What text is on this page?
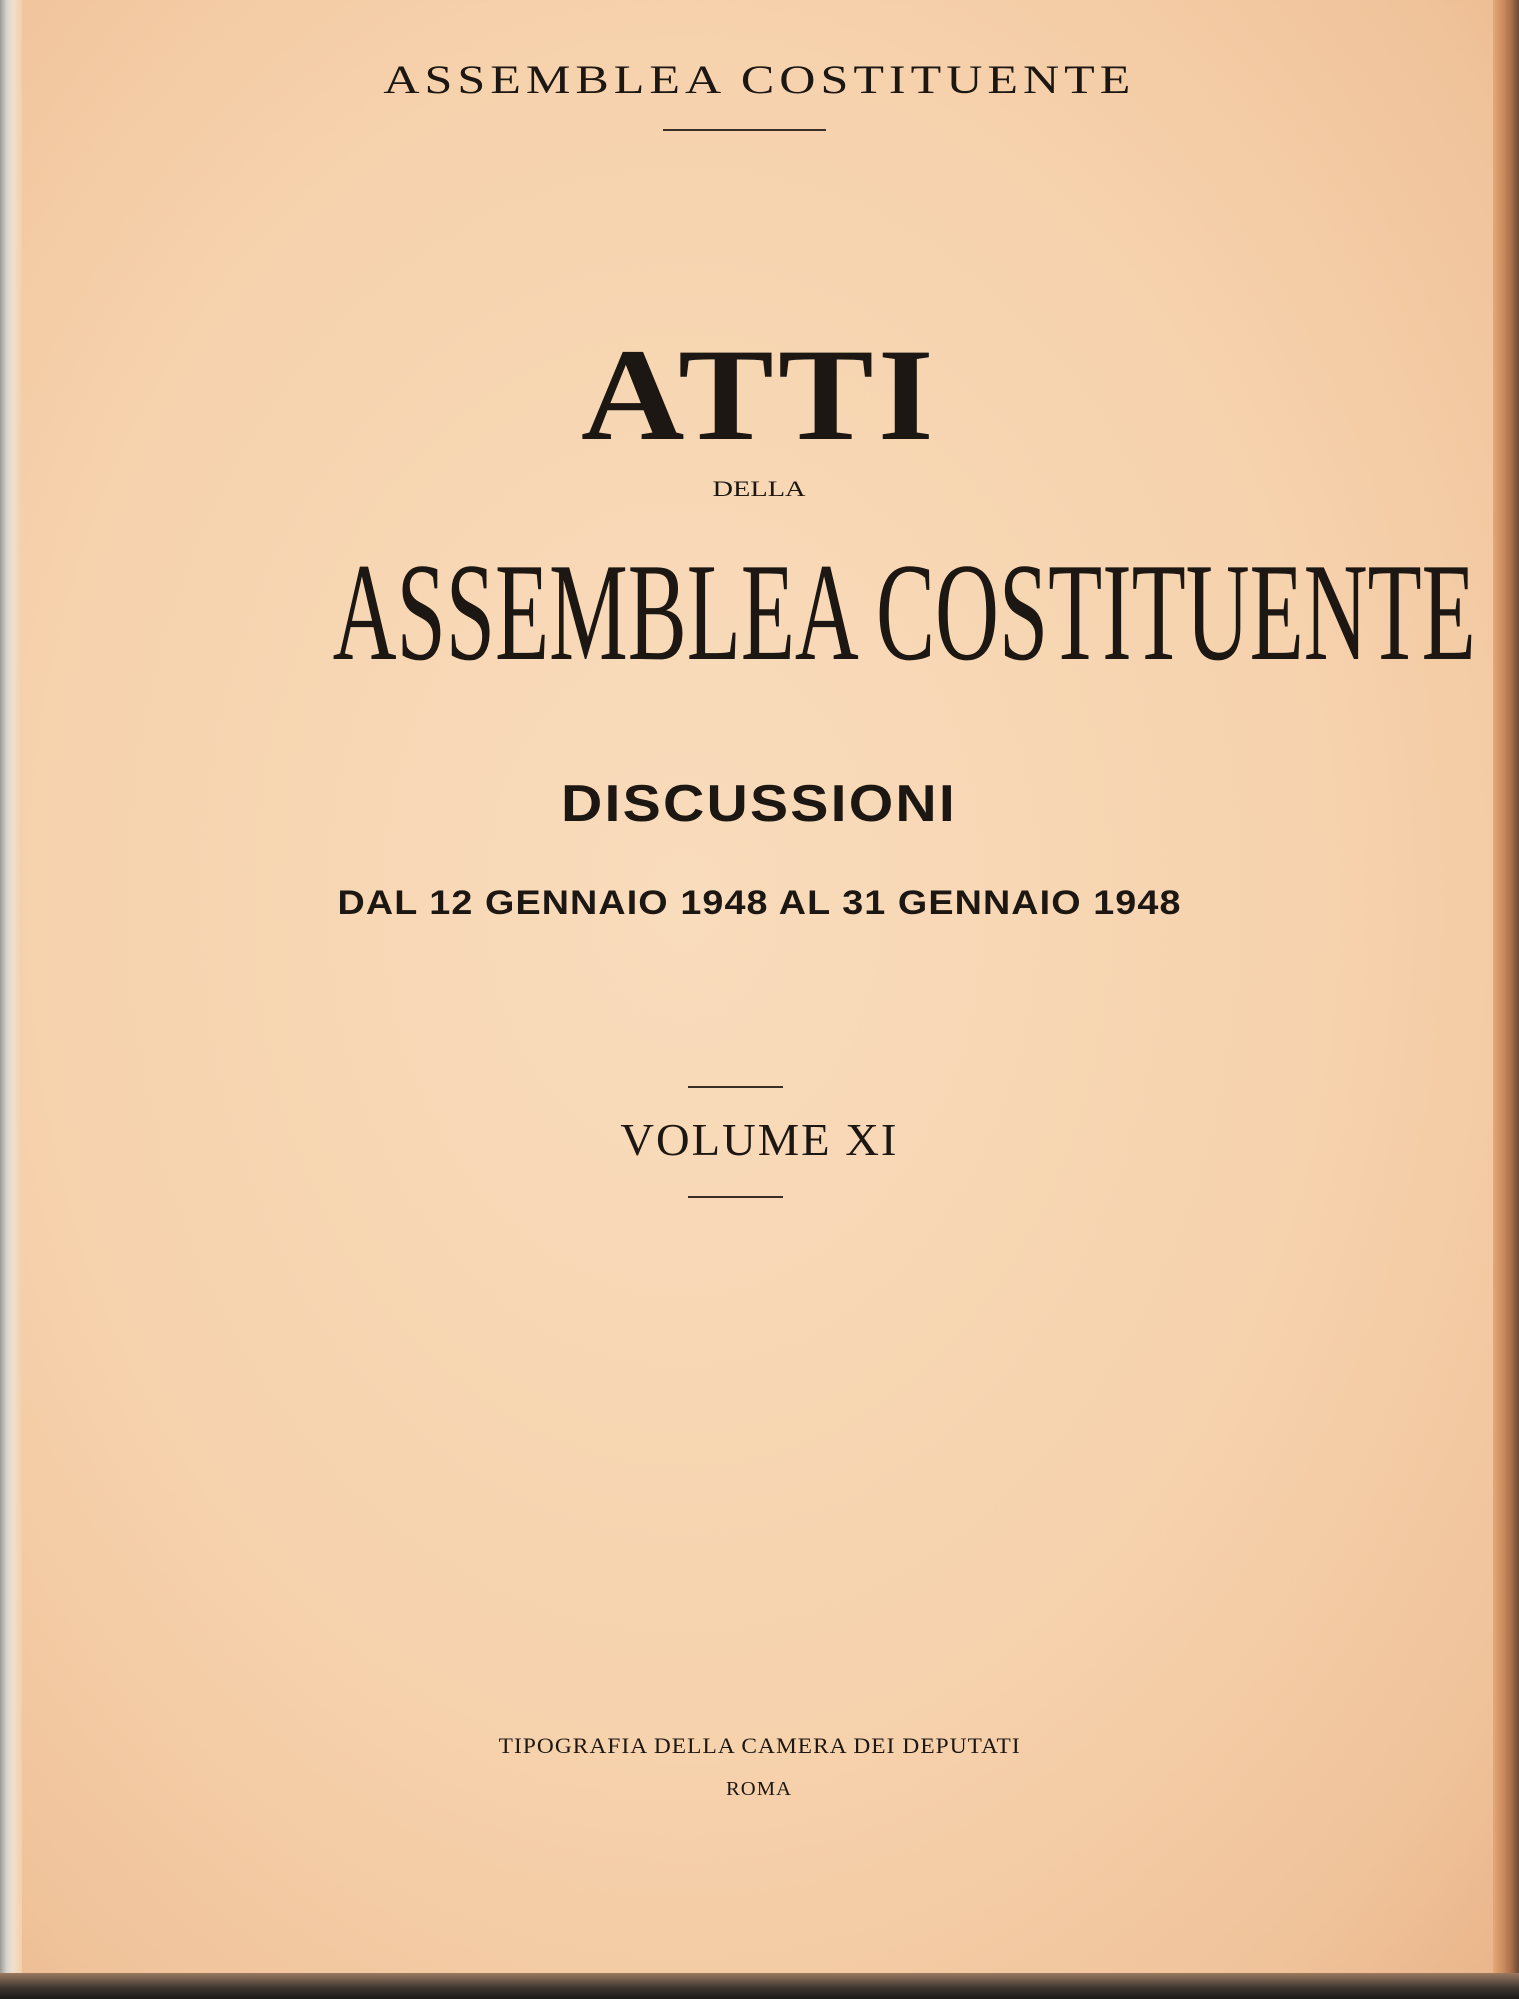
ASSEMBLEA COSTITUENTE
ATTI
DELLA
ASSEMBLEA COSTITUENTE
DISCUSSIONI
DAL 12 GENNAIO 1948 AL 31 GENNAIO 1948
VOLUME XI
TIPOGRAFIA DELLA CAMERA DEI DEPUTATI
ROMA
